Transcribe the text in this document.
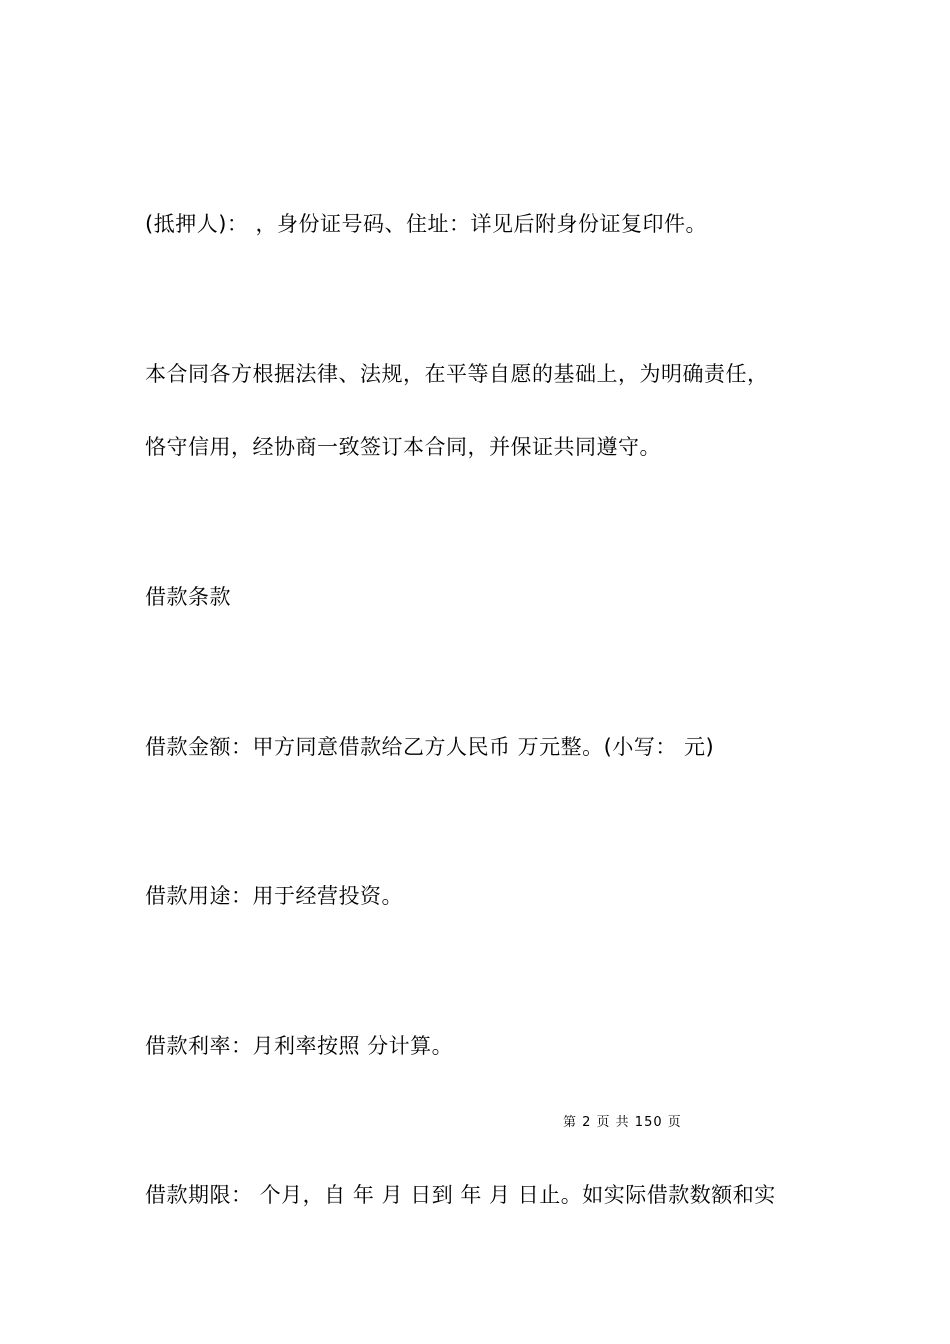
(抵押人)： ，身份证号码、住址：详见后附身份证复印件。
本合同各方根据法律、法规，在平等自愿的基础上，为明确责任，
恪守信用，经协商一致签订本合同，并保证共同遵守。
借款条款
借款金额：甲方同意借款给乙方人民币 万元整。(小写： 元)
借款用途：用于经营投资。
借款利率：月利率按照 分计算。
第 2 页 共 150 页
借款期限： 个月，自 年 月 日到 年 月 日止。如实际借款数额和实
